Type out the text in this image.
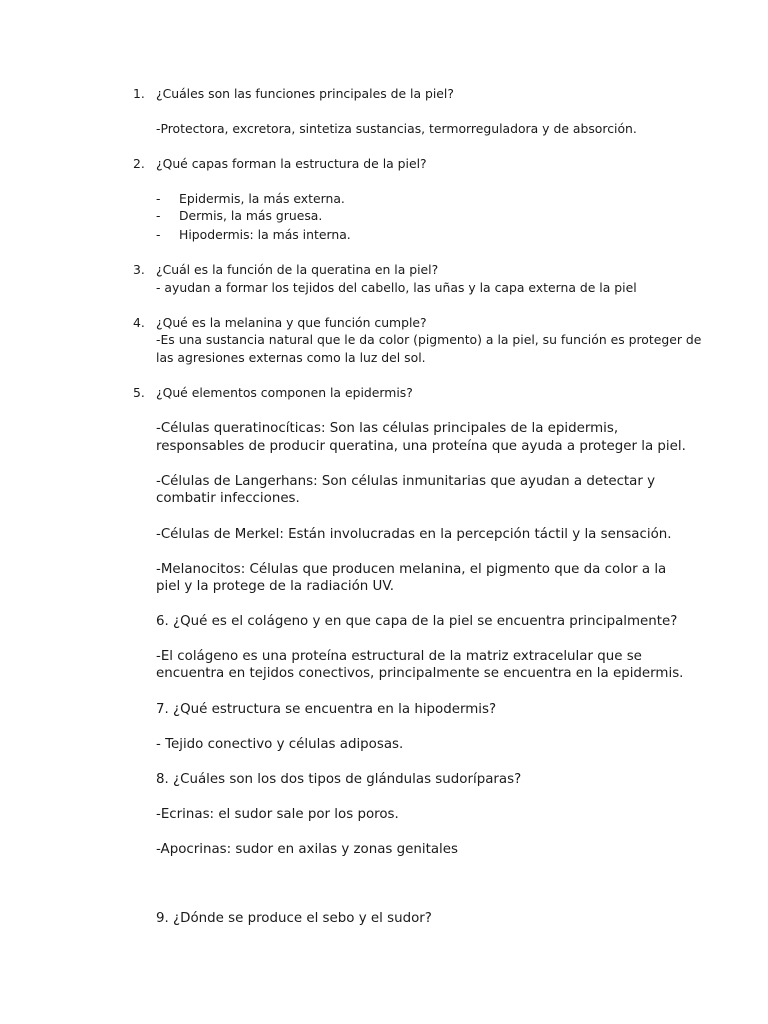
1. ¿Cuáles son las funciones principales de la piel?
-Protectora, excretora, sintetiza sustancias, termorreguladora y de absorción.
2. ¿Qué capas forman la estructura de la piel?
- Epidermis, la más externa.
- Dermis, la más gruesa.
- Hipodermis: la más interna.
3. ¿Cuál es la función de la queratina en la piel?
- ayudan a formar los tejidos del cabello, las uñas y la capa externa de la piel
4. ¿Qué es la melanina y que función cumple?
-Es una sustancia natural que le da color (pigmento) a la piel, su función es proteger de
las agresiones externas como la luz del sol.
5. ¿Qué elementos componen la epidermis?
-Células queratinocíticas: Son las células principales de la epidermis,
responsables de producir queratina, una proteína que ayuda a proteger la piel.
-Células de Langerhans: Son células inmunitarias que ayudan a detectar y
combatir infecciones.
-Células de Merkel: Están involucradas en la percepción táctil y la sensación.
-Melanocitos: Células que producen melanina, el pigmento que da color a la
piel y la protege de la radiación UV.
6. ¿Qué es el colágeno y en que capa de la piel se encuentra principalmente?
-El colágeno es una proteína estructural de la matriz extracelular que se
encuentra en tejidos conectivos, principalmente se encuentra en la epidermis.
7. ¿Qué estructura se encuentra en la hipodermis?
- Tejido conectivo y células adiposas.
8. ¿Cuáles son los dos tipos de glándulas sudoríparas?
-Ecrinas: el sudor sale por los poros.
-Apocrinas: sudor en axilas y zonas genitales
9. ¿Dónde se produce el sebo y el sudor?
